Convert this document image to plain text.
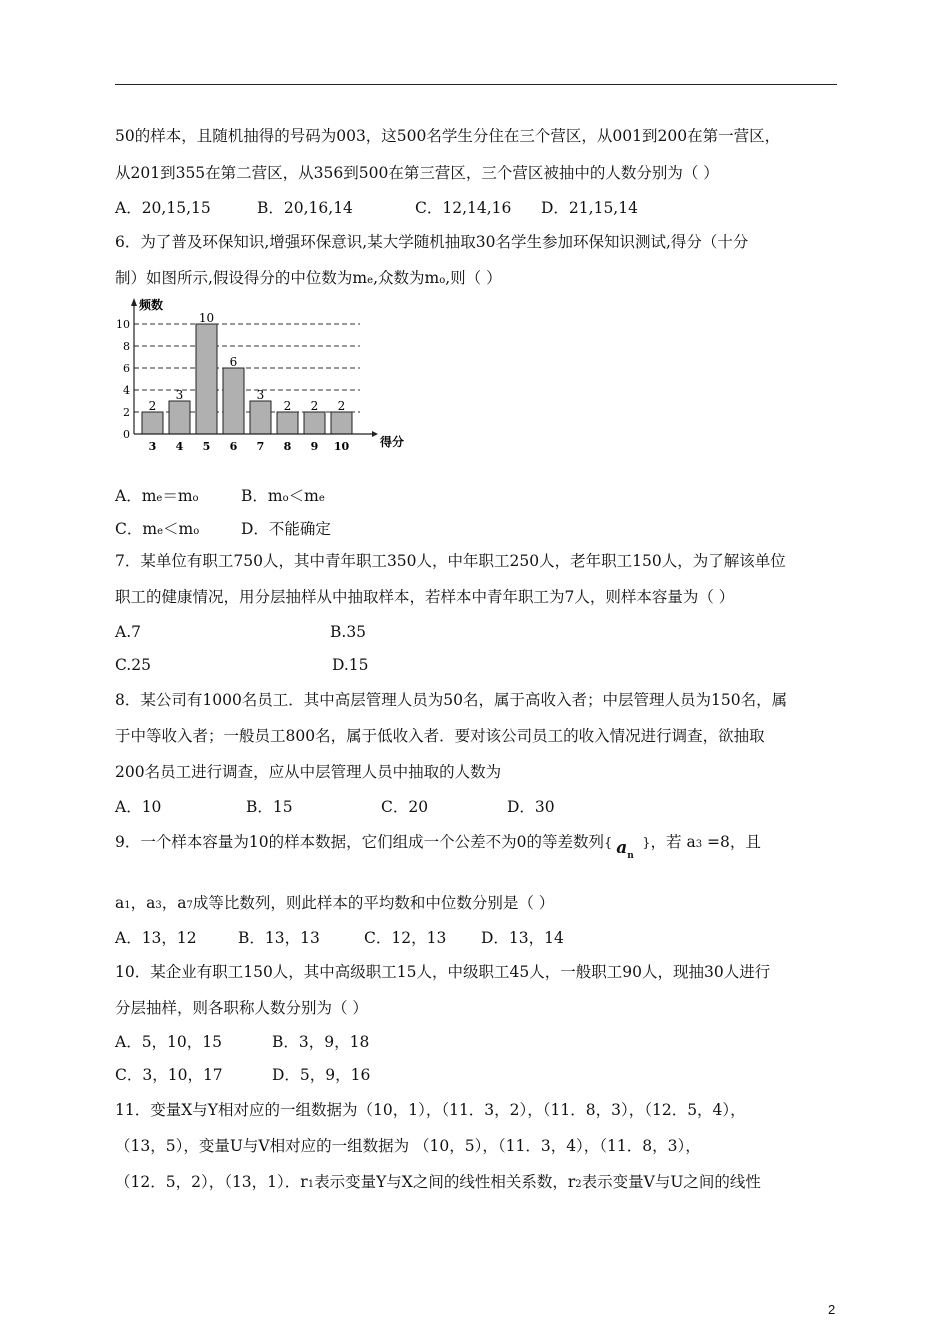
50的样本，且随机抽得的号码为003，这500名学生分住在三个营区，从001到200在第一营区，
从201到355在第二营区，从356到500在第三营区，三个营区被抽中的人数分别为（ ）
A．20,15,15	B．20,16,14	C．12,14,16 D．21,15,14
6．为了普及环保知识,增强环保意识,某大学随机抽取30名学生参加环保知识测试,得分（十分
制）如图所示,假设得分的中位数为me,众数为mo,则（ ）
0
2
4
6
8
10
2
3
3
4
10
5
6
6
3
7
2
8
2
9
2
10
频数
得分
A．me＝mo	B．mo＜me
C．me＜mo	D．不能确定
7．某单位有职工750人，其中青年职工350人，中年职工250人，老年职工150人，为了解该单位
职工的健康情况，用分层抽样从中抽取样本，若样本中青年职工为7人，则样本容量为（ ）
A.7	B.35
C.25	D.15
8．某公司有1000名员工．其中高层管理人员为50名，属于高收入者；中层管理人员为150名，属
于中等收入者；一般员工800名，属于低收入者．要对该公司员工的收入情况进行调查，欲抽取
200名员工进行调查，应从中层管理人员中抽取的人数为
A．10	B．15	C．20	D．30
9．一个样本容量为10的样本数据，它们组成一个公差不为0的等差数列{ a n
}，若 a3 =8，且
a1，a3，a7成等比数列，则此样本的平均数和中位数分别是（ ）
A．13，12	B．13，13	C．12，13 D．13，14
10．某企业有职工150人，其中高级职工15人，中级职工45人，一般职工90人，现抽30人进行
分层抽样，则各职称人数分别为（ ）
A．5，10，15	B．3，9，18
C．3，10，17	D．5，9，16
11．变量X与Y相对应的一组数据为（10，1），（11．3，2），（11．8，3），（12．5，4），
（13，5），变量U与V相对应的一组数据为 （10，5），（11．3，4），（11．8，3），
（12．5，2），（13，1）．r1表示变量Y与X之间的线性相关系数，r2表示变量V与U之间的线性
2
